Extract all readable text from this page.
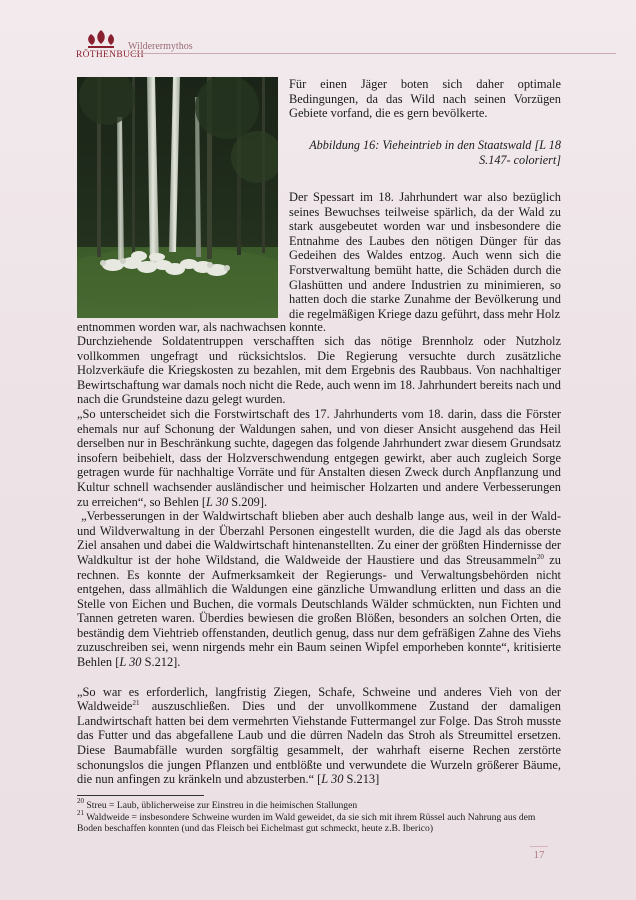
RÖTHENBUCH
Wilderermythos

Für einen Jäger boten sich daher optimale Bedingungen, da das Wild nach seinen Vorzügen Gebiete vorfand, die es gern bevölkerte.

Abbildung 16: Vieheintrieb in den Staatswald [L 18 S.147- coloriert]

Der Spessart im 18. Jahrhundert war also bezüglich seines Bewuchses teilweise spärlich, da der Wald zu stark ausgebeutet worden war und insbesondere die Entnahme des Laubes den nötigen Dünger für das Gedeihen des Waldes entzog. Auch wenn sich die Forstverwaltung bemüht hatte, die Schäden durch die Glashütten und andere Industrien zu minimieren, so hatten doch die starke Zunahme der Bevölkerung und die regelmäßigen Kriege dazu geführt, dass mehr Holz

entnommen worden war, als nachwachsen konnte.

Durchziehende Soldatentruppen verschafften sich das nötige Brennholz oder Nutzholz vollkommen ungefragt und rücksichtslos. Die Regierung versuchte durch zusätzliche Holzverkäufe die Kriegskosten zu bezahlen, mit dem Ergebnis des Raubbaus. Von nachhaltiger Bewirtschaftung war damals noch nicht die Rede, auch wenn im 18. Jahrhundert bereits nach und nach die Grundsteine dazu gelegt wurden.

„So unterscheidet sich die Forstwirtschaft des 17. Jahrhunderts vom 18. darin, dass die Förster ehemals nur auf Schonung der Waldungen sahen, und von dieser Ansicht ausgehend das Heil derselben nur in Beschränkung suchte, dagegen das folgende Jahrhundert zwar diesem Grundsatz insofern beibehielt, dass der Holzverschwendung entgegen gewirkt, aber auch zugleich Sorge getragen wurde für nachhaltige Vorräte und für Anstalten diesen Zweck durch Anpflanzung und Kultur schnell wachsender ausländischer und heimischer Holzarten und andere Verbesserungen zu erreichen“, so Behlen [L 30 S.209].

„Verbesserungen in der Waldwirtschaft blieben aber auch deshalb lange aus, weil in der Wald- und Wildverwaltung in der Überzahl Personen eingestellt wurden, die die Jagd als das oberste Ziel ansahen und dabei die Waldwirtschaft hintenanstellten. Zu einer der größten Hindernisse der Waldkultur ist der hohe Wildstand, die Waldweide der Haustiere und das Streusammeln$^{20}$ zu rechnen. Es konnte der Aufmerksamkeit der Regierungs- und Verwaltungsbehörden nicht entgehen, dass allmählich die Waldungen eine gänzliche Umwandlung erlitten und dass an die Stelle von Eichen und Buchen, die vormals Deutschlands Wälder schmückten, nun Fichten und Tannen getreten waren. Überdies bewiesen die großen Blößen, besonders an solchen Orten, die beständig dem Viehtrieb offenstanden, deutlich genug, dass nur dem gefräßigen Zahne des Viehs zuzuschreiben sei, wenn nirgends mehr ein Baum seinen Wipfel emporheben konnte“, kritisierte Behlen [L 30 S.212].

„So war es erforderlich, langfristig Ziegen, Schafe, Schweine und anderes Vieh von der Waldweide$^{21}$ auszuschließen. Dies und der unvollkommene Zustand der damaligen Landwirtschaft hatten bei dem vermehrten Viehstande Futtermangel zur Folge. Das Stroh musste das Futter und das abgefallene Laub und die dürren Nadeln das Stroh als Streumittel ersetzen. Diese Baumabfälle wurden sorgfältig gesammelt, der wahrhaft eiserne Rechen zerstörte schonungslos die jungen Pflanzen und entblößte und verwundete die Wurzeln größerer Bäume, die nun anfingen zu kränkeln und abzusterben.“ [L 30 S.213]

$^{20}$ Streu = Laub, üblicherweise zur Einstreu in die heimischen Stallungen

$^{21}$ Waldweide = insbesondere Schweine wurden im Wald geweidet, da sie sich mit ihrem Rüssel auch Nahrung aus dem Boden beschaffen konnten (und das Fleisch bei Eichelmast gut schmeckt, heute z.B. Iberico)

17
